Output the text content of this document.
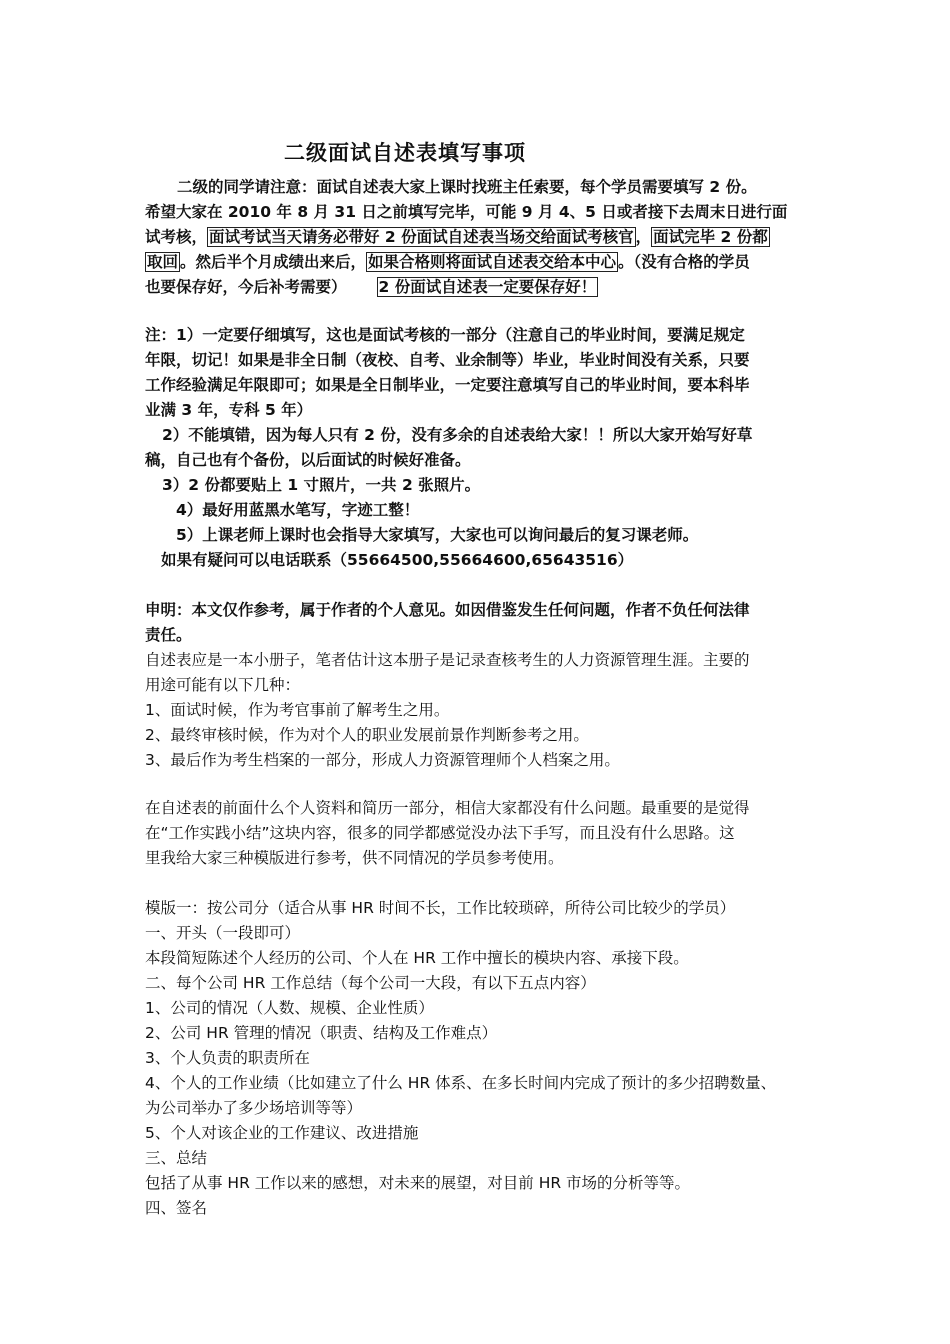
二级面试自述表填写事项
二级的同学请注意：面试自述表大家上课时找班主任索要，每个学员需要填写 2 份。
希望大家在 2010 年 8 月 31 日之前填写完毕，可能 9 月 4、5 日或者接下去周末日进行面
试考核， 面试考试当天请务必带好 2 份面试自述表当场交给面试考核官 ， 面试完毕 2 份都
取回 。然后半个月成绩出来后， 如果合格则将面试自述表交给本中心 。（没有合格的学员
也要保存好，今后补考需要） 2 份面试自述表一定要保存好！
注：1）一定要仔细填写，这也是面试考核的一部分（注意自己的毕业时间，要满足规定
年限，切记！如果是非全日制（夜校、自考、业余制等）毕业，毕业时间没有关系，只要
工作经验满足年限即可；如果是全日制毕业，一定要注意填写自己的毕业时间，要本科毕
业满 3 年，专科 5 年）
2）不能填错，因为每人只有 2 份，没有多余的自述表给大家！！所以大家开始写好草
稿，自己也有个备份，以后面试的时候好准备。
3）2 份都要贴上 1 寸照片，一共 2 张照片。
4）最好用蓝黑水笔写，字迹工整！
5）上课老师上课时也会指导大家填写，大家也可以询问最后的复习课老师。
如果有疑问可以电话联系（55664500,55664600,65643516）
申明：本文仅作参考，属于作者的个人意见。如因借鉴发生任何问题，作者不负任何法律
责任。
自述表应是一本小册子，笔者估计这本册子是记录查核考生的人力资源管理生涯。主要的
用途可能有以下几种：
1、面试时候，作为考官事前了解考生之用。
2、最终审核时候，作为对个人的职业发展前景作判断参考之用。
3、最后作为考生档案的一部分，形成人力资源管理师个人档案之用。
在自述表的前面什么个人资料和简历一部分，相信大家都没有什么问题。最重要的是觉得
在“工作实践小结”这块内容，很多的同学都感觉没办法下手写，而且没有什么思路。这
里我给大家三种模版进行参考，供不同情况的学员参考使用。
模版一：按公司分（适合从事 HR 时间不长，工作比较琐碎，所待公司比较少的学员）
一、开头（一段即可）
本段简短陈述个人经历的公司、个人在 HR 工作中擅长的模块内容、承接下段。
二、每个公司 HR 工作总结（每个公司一大段，有以下五点内容）
1、公司的情况（人数、规模、企业性质）
2、公司 HR 管理的情况（职责、结构及工作难点）
3、个人负责的职责所在
4、个人的工作业绩（比如建立了什么 HR 体系、在多长时间内完成了预计的多少招聘数量、
为公司举办了多少场培训等等）
5、个人对该企业的工作建议、改进措施
三、总结
包括了从事 HR 工作以来的感想，对未来的展望，对目前 HR 市场的分析等等。
四、签名
